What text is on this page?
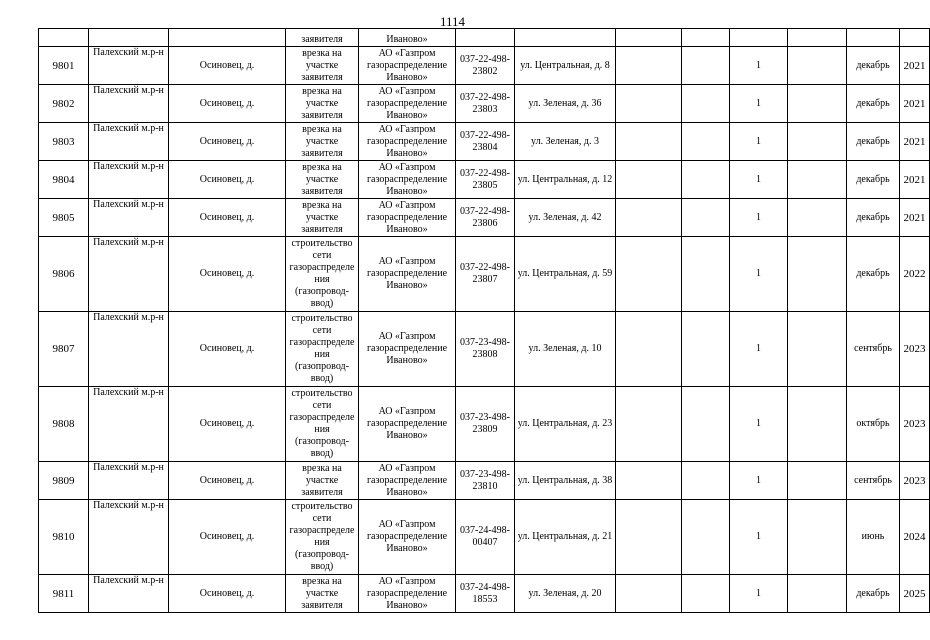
1114
			заявителя	Иваново»								
9801	Палехский м.р-н	Осиновец, д.	врезка на участке заявителя	АО «Газпром газораспределение Иваново»	037-22-498-23802	ул. Центральная, д. 8			1		декабрь	2021
9802	Палехский м.р-н	Осиновец, д.	врезка на участке заявителя	АО «Газпром газораспределение Иваново»	037-22-498-23803	ул. Зеленая, д. 36			1		декабрь	2021
9803	Палехский м.р-н	Осиновец, д.	врезка на участке заявителя	АО «Газпром газораспределение Иваново»	037-22-498-23804	ул. Зеленая, д. 3			1		декабрь	2021
9804	Палехский м.р-н	Осиновец, д.	врезка на участке заявителя	АО «Газпром газораспределение Иваново»	037-22-498-23805	ул. Центральная, д. 12			1		декабрь	2021
9805	Палехский м.р-н	Осиновец, д.	врезка на участке заявителя	АО «Газпром газораспределение Иваново»	037-22-498-23806	ул. Зеленая, д. 42			1		декабрь	2021
9806	Палехский м.р-н	Осиновец, д.	строительство сети газораспределения (газопровод-ввод)	АО «Газпром газораспределение Иваново»	037-22-498-23807	ул. Центральная, д. 59			1		декабрь	2022
9807	Палехский м.р-н	Осиновец, д.	строительство сети газораспределения (газопровод-ввод)	АО «Газпром газораспределение Иваново»	037-23-498-23808	ул. Зеленая, д. 10			1		сентябрь	2023
9808	Палехский м.р-н	Осиновец, д.	строительство сети газораспределения (газопровод-ввод)	АО «Газпром газораспределение Иваново»	037-23-498-23809	ул. Центральная, д. 23			1		октябрь	2023
9809	Палехский м.р-н	Осиновец, д.	врезка на участке заявителя	АО «Газпром газораспределение Иваново»	037-23-498-23810	ул. Центральная, д. 38			1		сентябрь	2023
9810	Палехский м.р-н	Осиновец, д.	строительство сети газораспределения (газопровод-ввод)	АО «Газпром газораспределение Иваново»	037-24-498-00407	ул. Центральная, д. 21			1		июнь	2024
9811	Палехский м.р-н	Осиновец, д.	врезка на участке заявителя	АО «Газпром газораспределение Иваново»	037-24-498-18553	ул. Зеленая, д. 20			1		декабрь	2025
